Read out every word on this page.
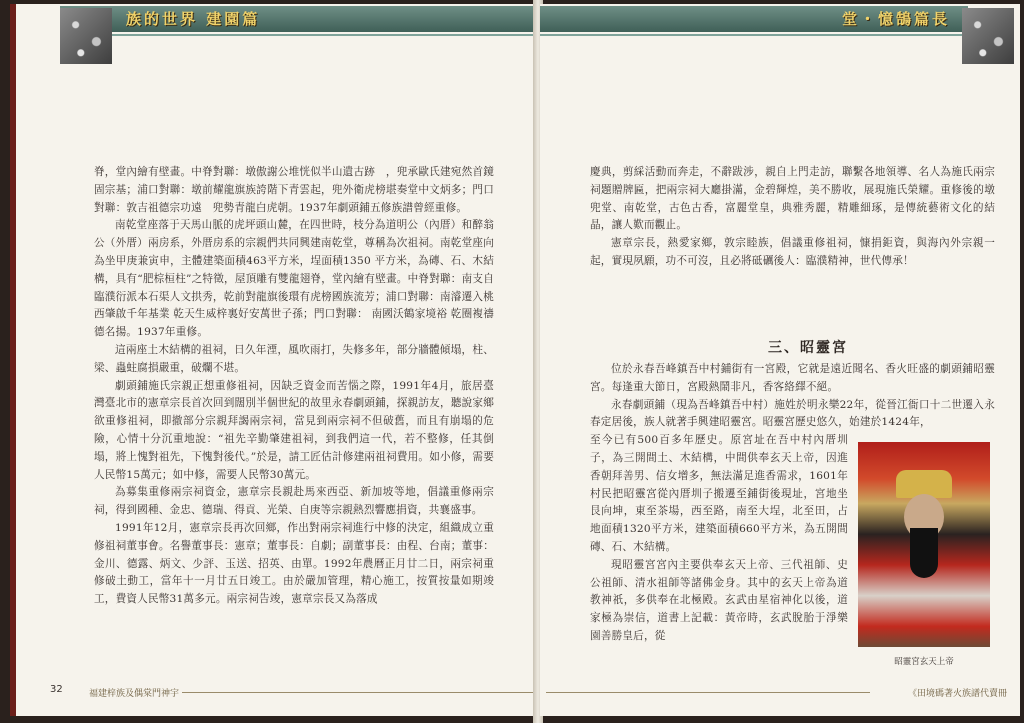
族的世界 建園篇

脊，堂內繪有壁畫。中脊對聯：墩傲謝公堆恍似半山遺古跡　，兜承歐氏建宛然首鏡固宗基；浦口對聯：墩前耀龍旗族誇階下青雲起，兜外衛虎榜堪奏堂中文炳多；門口對聯：敦吉祖德宗功遠　兜勢青龍白虎朝。1937年劇頭鋪五修族譜曾經重修。

南乾堂座落于天馬山脈的虎坪頭山麓，在四世時，枝分為道明公（內厝）和醉翁公（外厝）兩房系，外厝房系的宗親們共同興建南乾堂，尊稱為次祖祠。南乾堂座向為坐甲庚兼寅申，主體建築面積463平方米，埕面積1350 平方米，為磚、石、木結構，具有“肥棕桓柱”之特徵，屋頂雕有雙龍翅脊，堂內繪有壁畫。中脊對聯：南支自臨濮衍派本石渠人文拱秀，乾前對龍旗後環有虎榜國族流芳；浦口對聯：南濬遷入桃西肇啟千年基業 乾天生威梓裏好安萬世子孫；門口對聯： 南國沃鶴家境裕 乾圈複禱德名揚。1937年重修。

這兩座土木結構的祖祠，日久年湮，風吹雨打，失修多年，部分牆體傾塌，柱、梁、蟲蛀腐損嚴重，破爛不堪。

劇頭鋪施氏宗親正想重修祖祠，因缺乏資金而苦惱之際，1991年4月，旅居臺灣臺北市的憲章宗長首次回到闊別半個世紀的故里永春劇頭鋪，探親訪友，聽說家鄉欲重修祖祠，即撤部分宗親拜謁兩宗祠，當見到兩宗祠不但破舊，而且有崩塌的危險，心情十分沉重地說：“祖先辛勤肇建祖祠，到我們這一代，若不整修，任其倒塌，將上愧對祖先，下愧對後代。”於是，請工匠估計修建兩祖祠費用。如小修，需要人民幣15萬元；如中修，需要人民幣30萬元。

為募集重修兩宗祠資金，憲章宗長親赴馬來西亞、新加坡等地，倡議重修兩宗祠，得到國種、金忠、德瑞、得貢、光榮、自庚等宗親熱烈響應捐資，共襄盛事。

1991年12月，憲章宗長再次回鄉，作出對兩宗祠進行中修的決定，組織成立重修祖祠董事會。名譽董事長：憲章；董事長：自劇；副董事長：由程、台南；董事：金川、德露、炳文、少評、玉送、招英、由單。1992年農曆正月廿二日，兩宗祠重修破土動工，當年十一月廿五日竣工。由於嚴加管理，精心施工，按質按量如期竣工，費資人民幣31萬多元。兩宗祠告竣，憲章宗長又為落成

32	福建梓族及偶棠門神宇
堂・憶鵠篇長

慶典，剪綵活動而奔走，不辭跋涉，親自上門走訪，聯繫各地領導、名人為施氏兩宗祠題贈牌匾，把兩宗祠大廳掛滿，金碧輝煌，美不勝收，展現施氏榮耀。重修後的墩兜堂、南乾堂，古色古香，富麗堂皇，典雅秀麗，精雕細琢，是傳統藝術文化的結晶，讓人歎而觀止。

憲章宗長，熱愛家鄉，敦宗睦族，倡議重修祖祠，慷捐鉅資，與海內外宗親一起，實現夙願，功不可沒，且必將砥礪後人：臨濮精神，世代傳承！

三、昭靈宮

位於永春吾峰鎮吾中村鋪街有一宮殿，它就是遠近聞名、香火旺盛的劇頭鋪昭靈宮。每逢重大節日，宮殿熱鬧非凡，香客絡繹不絕。

永春劇頭鋪（現為吾峰鎮吾中村）施姓於明永樂22年，從晉江衙口十二世遷入永春定居後，族人就著手興建昭靈宮。昭靈宮歷史悠久，始建於1424年，

至今已有500百多年歷史。原宮址在吾中村內厝圳子，為三開間土、木結構，中間供奉玄天上帝，因進香朝拜善男、信女增多，無法滿足進香需求，1601年村民把昭靈宮從內厝圳子搬遷至鋪街後現址，宮地坐艮向坤，東至茶場，西至路，南至大埕，北至田，占地面積1320平方米，建築面積660平方米，為五開間磚、石、木結構。

現昭靈宮宮內主要供奉玄天上帝、三代祖師、史公祖師、清水祖師等諸佛金身。其中的玄天上帝為道教神祇，多供奉在北極殿。玄武由星宿神化以後，道家極為崇信，道書上記載：黃帝時，玄武脫胎于淨樂園善勝皇后，從

昭靈宮玄天上帝
《田境碼著火族譜代賣冊
